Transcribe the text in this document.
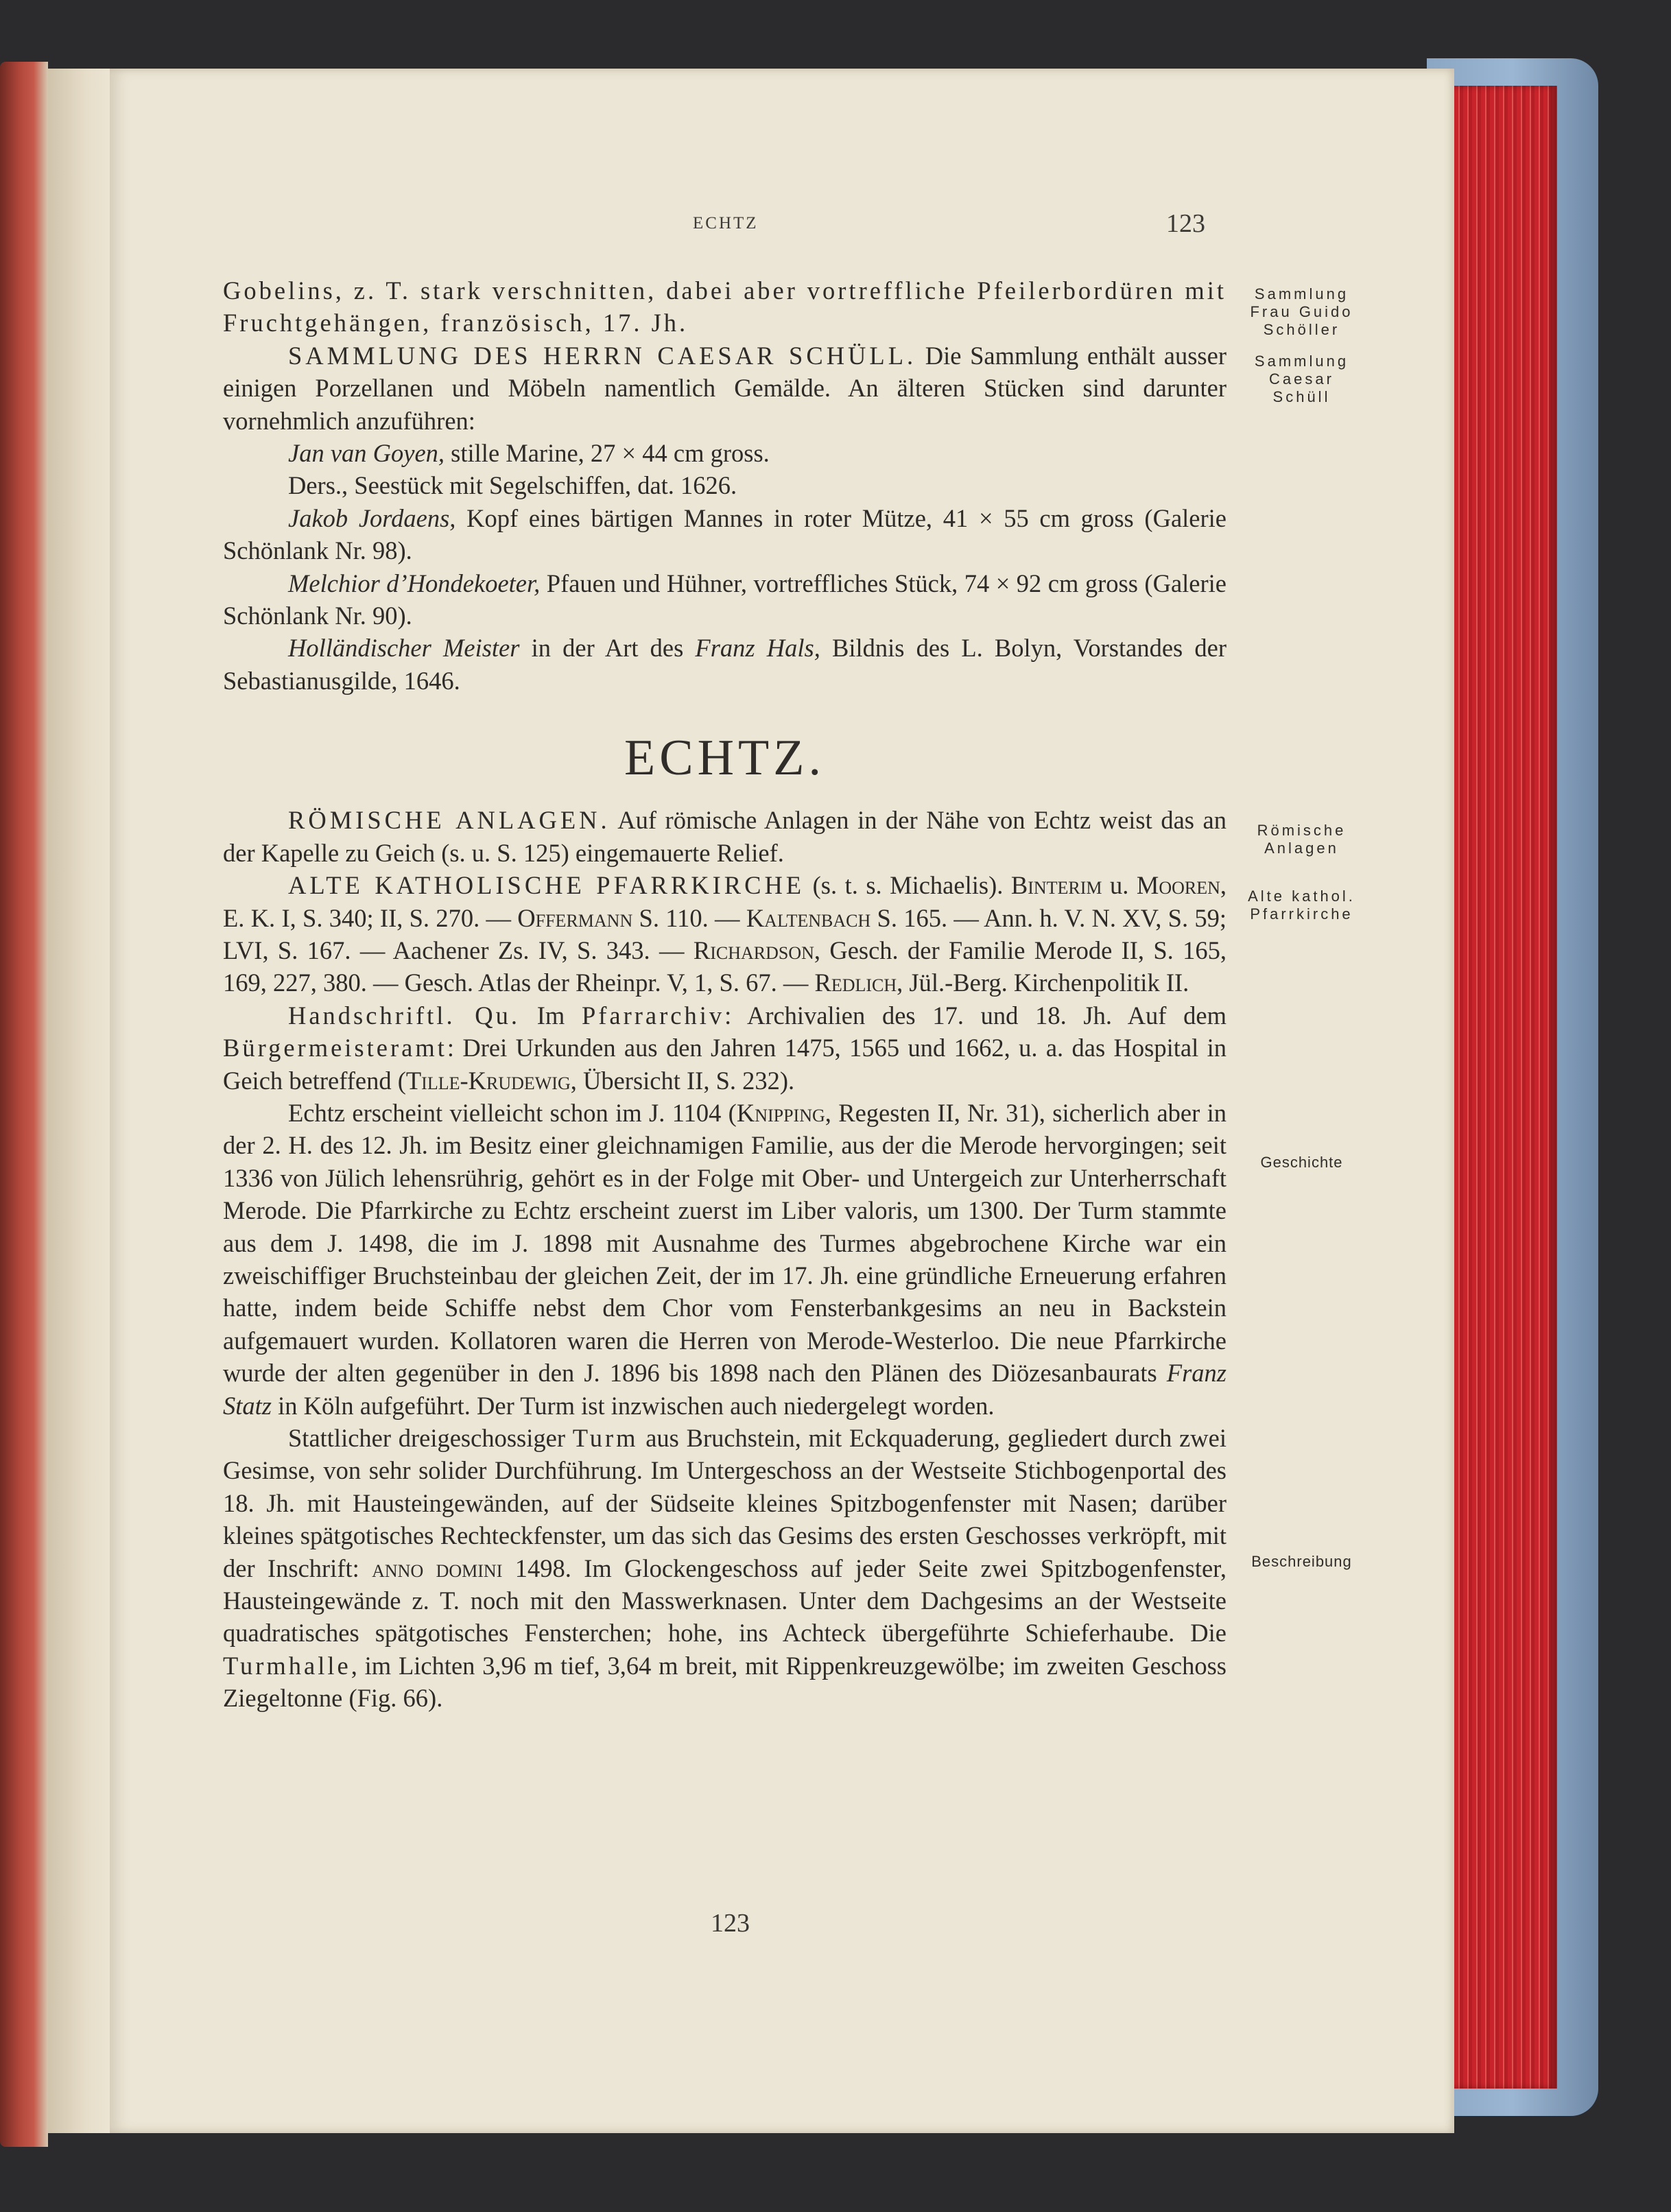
ECHTZ	123

Gobelins, z. T. stark verschnitten, dabei aber vortreffliche Pfeilerbordüren mit Fruchtgehängen, französisch, 17. Jh.

SAMMLUNG DES HERRN CAESAR SCHÜLL. Die Sammlung enthält ausser einigen Porzellanen und Möbeln namentlich Gemälde. An älteren Stücken sind darunter vornehmlich anzuführen:

Jan van Goyen, stille Marine, 27 × 44 cm gross.

Ders., Seestück mit Segelschiffen, dat. 1626.

Jakob Jordaens, Kopf eines bärtigen Mannes in roter Mütze, 41 × 55 cm gross (Galerie Schönlank Nr. 98).

Melchior d’Hondekoeter, Pfauen und Hühner, vortreffliches Stück, 74 × 92 cm gross (Galerie Schönlank Nr. 90).

Holländischer Meister in der Art des Franz Hals, Bildnis des L. Bolyn, Vorstandes der Sebastianusgilde, 1646.

ECHTZ.

RÖMISCHE ANLAGEN. Auf römische Anlagen in der Nähe von Echtz weist das an der Kapelle zu Geich (s. u. S. 125) eingemauerte Relief.

ALTE KATHOLISCHE PFARRKIRCHE (s. t. s. Michaelis). Binterim u. Mooren, E. K. I, S. 340; II, S. 270. — Offermann S. 110. — Kaltenbach S. 165. — Ann. h. V. N. XV, S. 59; LVI, S. 167. — Aachener Zs. IV, S. 343. — Richardson, Gesch. der Familie Merode II, S. 165, 169, 227, 380. — Gesch. Atlas der Rheinpr. V, 1, S. 67. — Redlich, Jül.-Berg. Kirchenpolitik II.

Handschriftl. Qu. Im Pfarrarchiv: Archivalien des 17. und 18. Jh. Auf dem Bürgermeisteramt: Drei Urkunden aus den Jahren 1475, 1565 und 1662, u. a. das Hospital in Geich betreffend (Tille-Krudewig, Übersicht II, S. 232).

Echtz erscheint vielleicht schon im J. 1104 (Knipping, Regesten II, Nr. 31), sicherlich aber in der 2. H. des 12. Jh. im Besitz einer gleichnamigen Familie, aus der die Merode hervorgingen; seit 1336 von Jülich lehensrührig, gehört es in der Folge mit Ober- und Untergeich zur Unterherrschaft Merode. Die Pfarrkirche zu Echtz erscheint zuerst im Liber valoris, um 1300. Der Turm stammte aus dem J. 1498, die im J. 1898 mit Ausnahme des Turmes abgebrochene Kirche war ein zweischiffiger Bruchsteinbau der gleichen Zeit, der im 17. Jh. eine gründliche Erneuerung erfahren hatte, indem beide Schiffe nebst dem Chor vom Fensterbankgesims an neu in Backstein aufgemauert wurden. Kollatoren waren die Herren von Merode-Westerloo. Die neue Pfarrkirche wurde der alten gegenüber in den J. 1896 bis 1898 nach den Plänen des Diözesanbaurats Franz Statz in Köln aufgeführt. Der Turm ist inzwischen auch niedergelegt worden.

Stattlicher dreigeschossiger Turm aus Bruchstein, mit Eckquaderung, gegliedert durch zwei Gesimse, von sehr solider Durchführung. Im Untergeschoss an der Westseite Stichbogenportal des 18. Jh. mit Hausteingewänden, auf der Südseite kleines Spitzbogenfenster mit Nasen; darüber kleines spätgotisches Rechteckfenster, um das sich das Gesims des ersten Geschosses verkröpft, mit der Inschrift: anno domini 1498. Im Glockengeschoss auf jeder Seite zwei Spitzbogenfenster, Hausteingewände z. T. noch mit den Masswerknasen. Unter dem Dachgesims an der Westseite quadratisches spätgotisches Fensterchen; hohe, ins Achteck übergeführte Schieferhaube. Die Turmhalle, im Lichten 3,96 m tief, 3,64 m breit, mit Rippenkreuzgewölbe; im zweiten Geschoss Ziegeltonne (Fig. 66).

Sammlung
Frau Guido
Schöller
Sammlung
Caesar
Schüll
Römische
Anlagen
Alte kathol.
Pfarrkirche
Geschichte
Beschreibung
123
